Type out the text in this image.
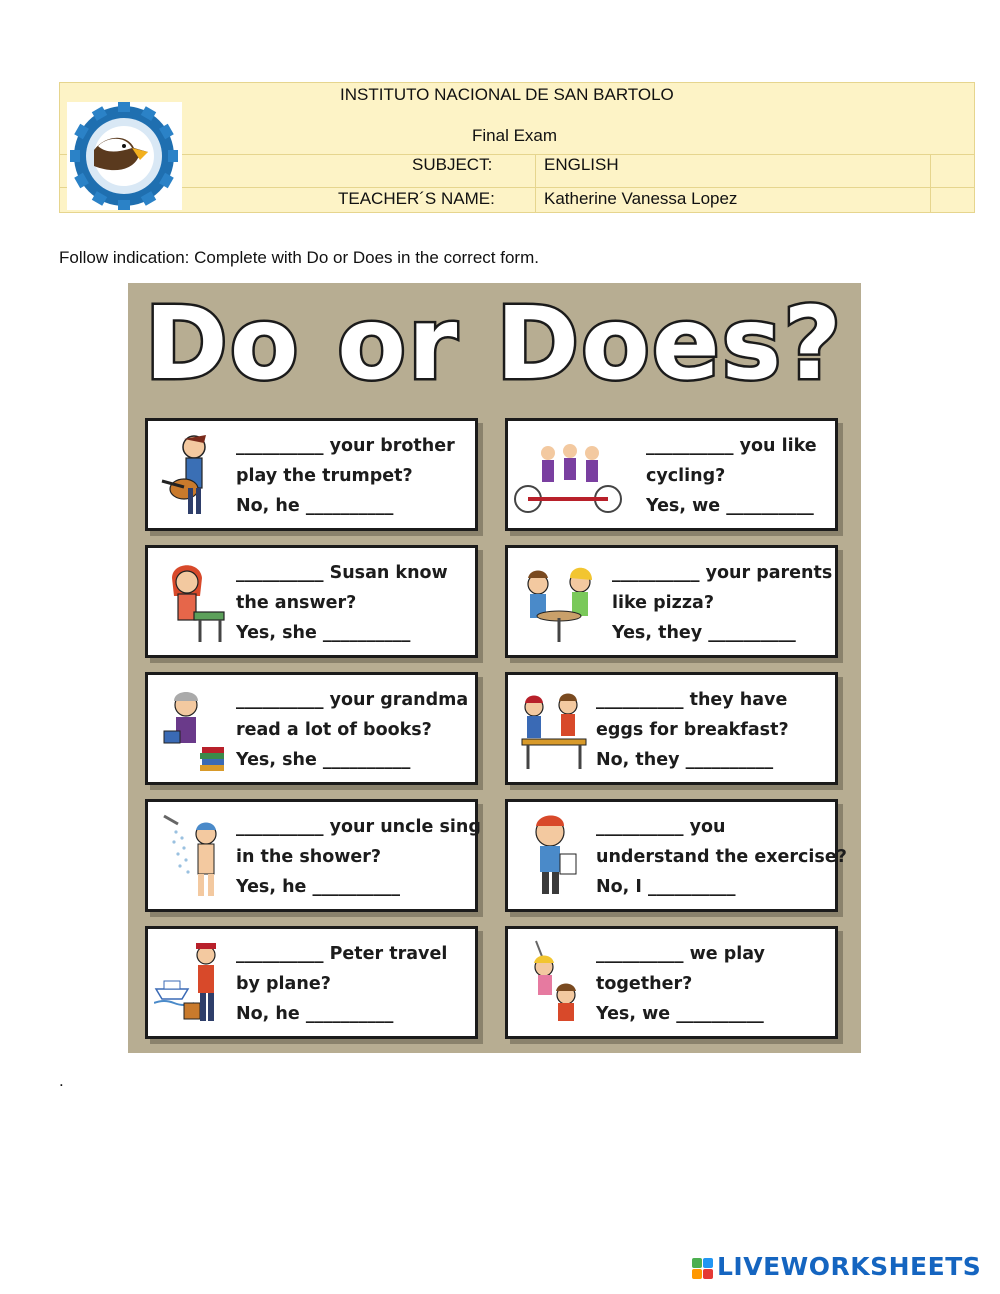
INSTITUTO NACIONAL DE SAN BARTOLO
Final Exam
SUBJECT:	ENGLISH
TEACHER´S NAME:	Katherine Vanessa Lopez
Follow indication: Complete with Do or Does in the correct form.
Do or Does?
__________ your brother
play the trumpet?
No, he __________
__________ you like
cycling?
Yes, we __________
__________ Susan know
the answer?
Yes, she __________
__________ your parents
like pizza?
Yes, they __________
__________ your grandma
read a lot of books?
Yes, she __________
__________ they have
eggs for breakfast?
No, they __________
__________ your uncle sing
in the shower?
Yes, he __________
__________ you
understand the exercise?
No, I __________
__________ Peter travel
by plane?
No, he __________
__________ we play
together?
Yes, we __________
.
LIVEWORKSHEETS
